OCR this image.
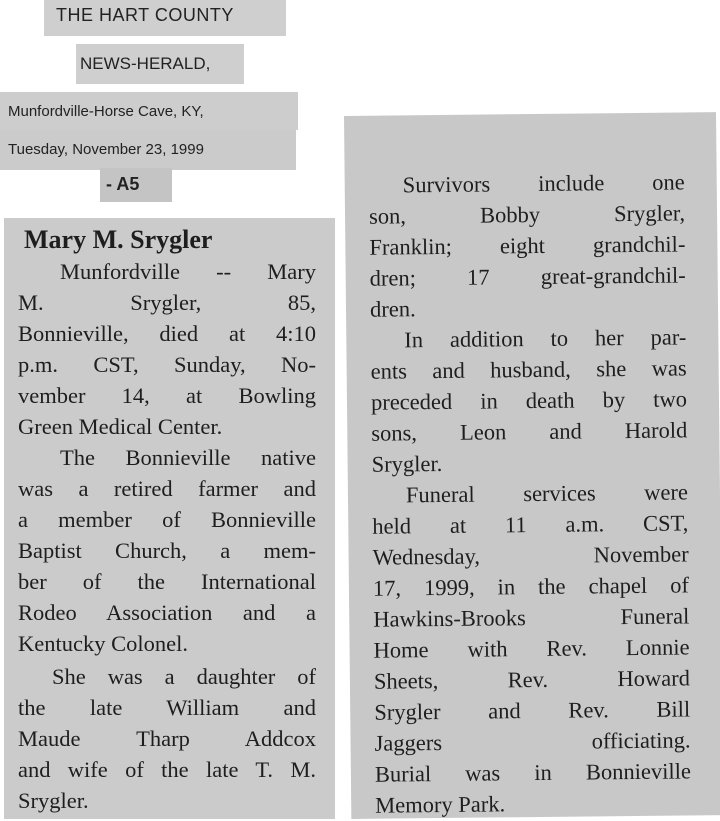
THE HART COUNTY
NEWS-HERALD,
Munfordville-Horse Cave, KY,
Tuesday, November 23, 1999
- A5
Mary M. Srygler
Munfordville -- Mary
M. Srygler, 85,
Bonnieville, died at 4:10
p.m. CST, Sunday, No-
vember 14, at Bowling
Green Medical Center.
The Bonnieville native
was a retired farmer and
a member of Bonnieville
Baptist Church, a mem-
ber of the International
Rodeo Association and a
Kentucky Colonel.
She was a daughter of
the late William and
Maude Tharp Addcox
and wife of the late T. M.
Srygler.
Survivors include one
son, Bobby Srygler,
Franklin; eight grandchil-
dren; 17 great-grandchil-
dren.
In addition to her par-
ents and husband, she was
preceded in death by two
sons, Leon and Harold
Srygler.
Funeral services were
held at 11 a.m. CST,
Wednesday, November
17, 1999, in the chapel of
Hawkins-Brooks Funeral
Home with Rev. Lonnie
Sheets, Rev. Howard
Srygler and Rev. Bill
Jaggers officiating.
Burial was in Bonnieville
Memory Park.
